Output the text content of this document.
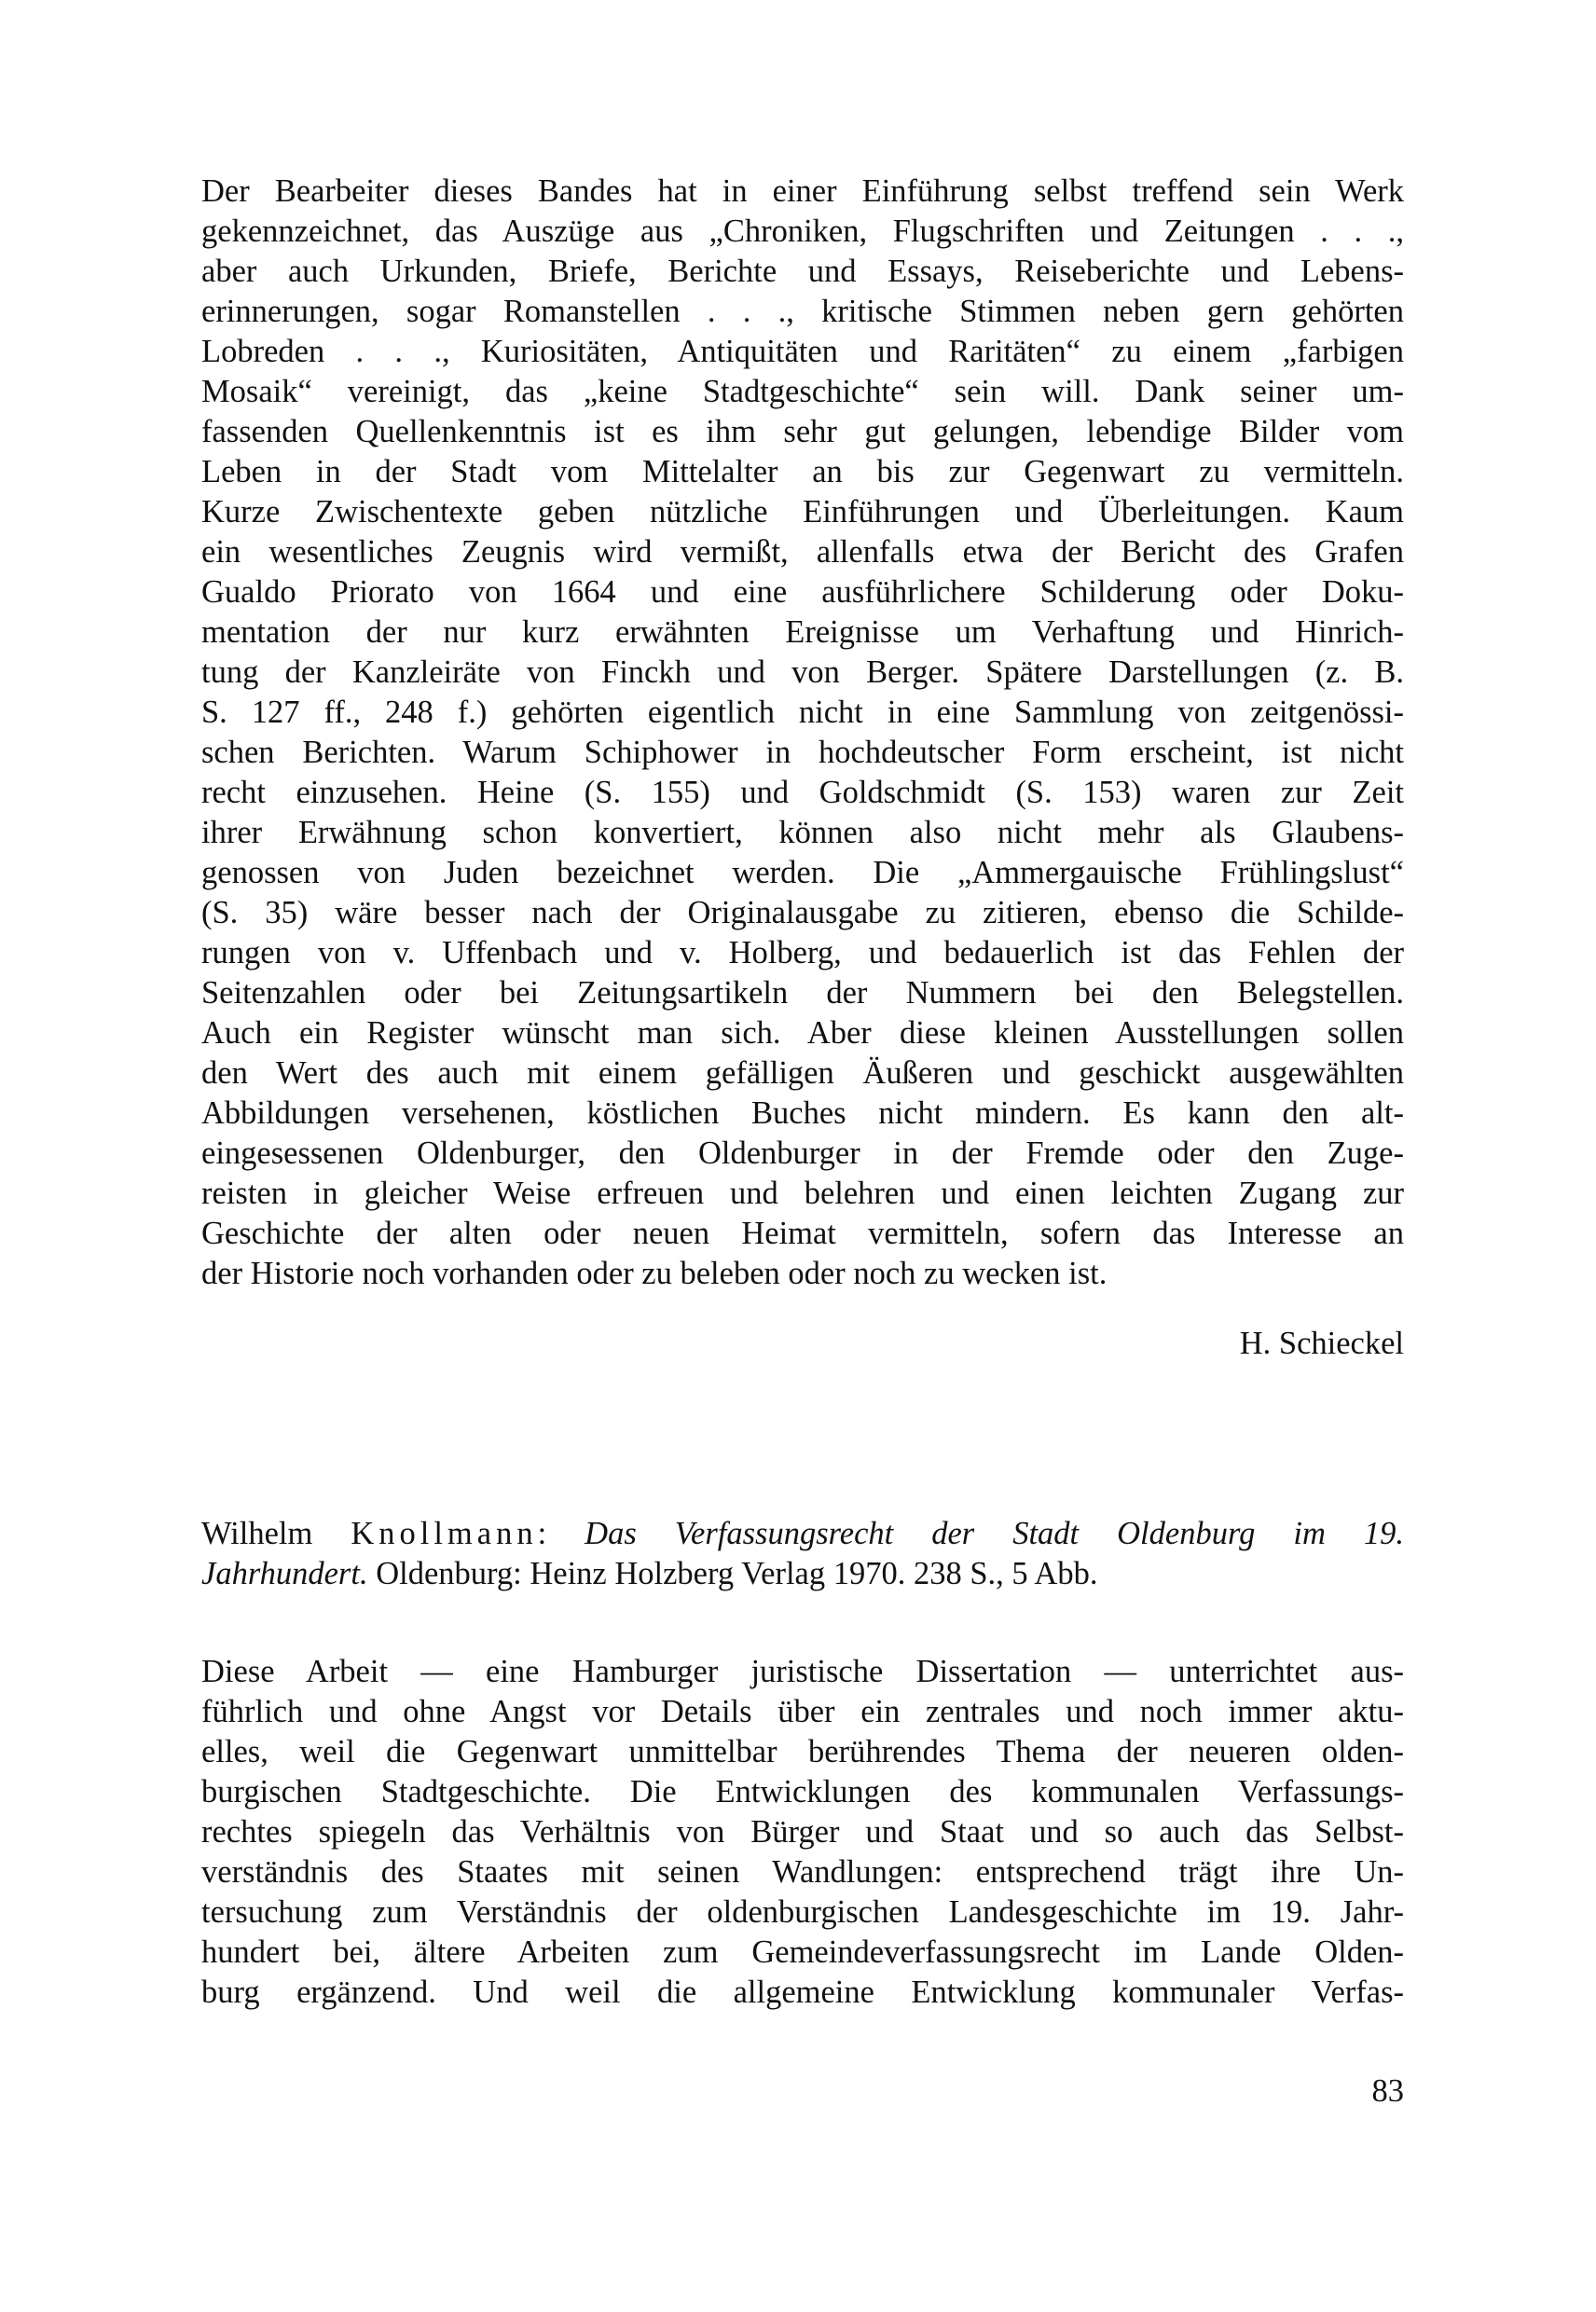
Der Bearbeiter dieses Bandes hat in einer Einführung selbst treffend sein Werk
gekennzeichnet, das Auszüge aus „Chroniken, Flugschriften und Zeitungen . . .,
aber auch Urkunden, Briefe, Berichte und Essays, Reiseberichte und Lebens-
erinnerungen, sogar Romanstellen . . ., kritische Stimmen neben gern gehörten
Lobreden . . ., Kuriositäten, Antiquitäten und Raritäten“ zu einem „farbigen
Mosaik“ vereinigt, das „keine Stadtgeschichte“ sein will. Dank seiner um-
fassenden Quellenkenntnis ist es ihm sehr gut gelungen, lebendige Bilder vom
Leben in der Stadt vom Mittelalter an bis zur Gegenwart zu vermitteln.
Kurze Zwischentexte geben nützliche Einführungen und Überleitungen. Kaum
ein wesentliches Zeugnis wird vermißt, allenfalls etwa der Bericht des Grafen
Gualdo Priorato von 1664 und eine ausführlichere Schilderung oder Doku-
mentation der nur kurz erwähnten Ereignisse um Verhaftung und Hinrich-
tung der Kanzleiräte von Finckh und von Berger. Spätere Darstellungen (z. B.
S. 127 ff., 248 f.) gehörten eigentlich nicht in eine Sammlung von zeitgenössi-
schen Berichten. Warum Schiphower in hochdeutscher Form erscheint, ist nicht
recht einzusehen. Heine (S. 155) und Goldschmidt (S. 153) waren zur Zeit
ihrer Erwähnung schon konvertiert, können also nicht mehr als Glaubens-
genossen von Juden bezeichnet werden. Die „Ammergauische Frühlingslust“
(S. 35) wäre besser nach der Originalausgabe zu zitieren, ebenso die Schilde-
rungen von v. Uffenbach und v. Holberg, und bedauerlich ist das Fehlen der
Seitenzahlen oder bei Zeitungsartikeln der Nummern bei den Belegstellen.
Auch ein Register wünscht man sich. Aber diese kleinen Ausstellungen sollen
den Wert des auch mit einem gefälligen Äußeren und geschickt ausgewählten
Abbildungen versehenen, köstlichen Buches nicht mindern. Es kann den alt-
eingesessenen Oldenburger, den Oldenburger in der Fremde oder den Zuge-
reisten in gleicher Weise erfreuen und belehren und einen leichten Zugang zur
Geschichte der alten oder neuen Heimat vermitteln, sofern das Interesse an
der Historie noch vorhanden oder zu beleben oder noch zu wecken ist.
H. Schieckel
Wilhelm Knollmann: Das Verfassungsrecht der Stadt Oldenburg im 19.
Jahrhundert. Oldenburg: Heinz Holzberg Verlag 1970. 238 S., 5 Abb.
Diese Arbeit — eine Hamburger juristische Dissertation — unterrichtet aus-
führlich und ohne Angst vor Details über ein zentrales und noch immer aktu-
elles, weil die Gegenwart unmittelbar berührendes Thema der neueren olden-
burgischen Stadtgeschichte. Die Entwicklungen des kommunalen Verfassungs-
rechtes spiegeln das Verhältnis von Bürger und Staat und so auch das Selbst-
verständnis des Staates mit seinen Wandlungen: entsprechend trägt ihre Un-
tersuchung zum Verständnis der oldenburgischen Landesgeschichte im 19. Jahr-
hundert bei, ältere Arbeiten zum Gemeindeverfassungsrecht im Lande Olden-
burg ergänzend. Und weil die allgemeine Entwicklung kommunaler Verfas-
83
